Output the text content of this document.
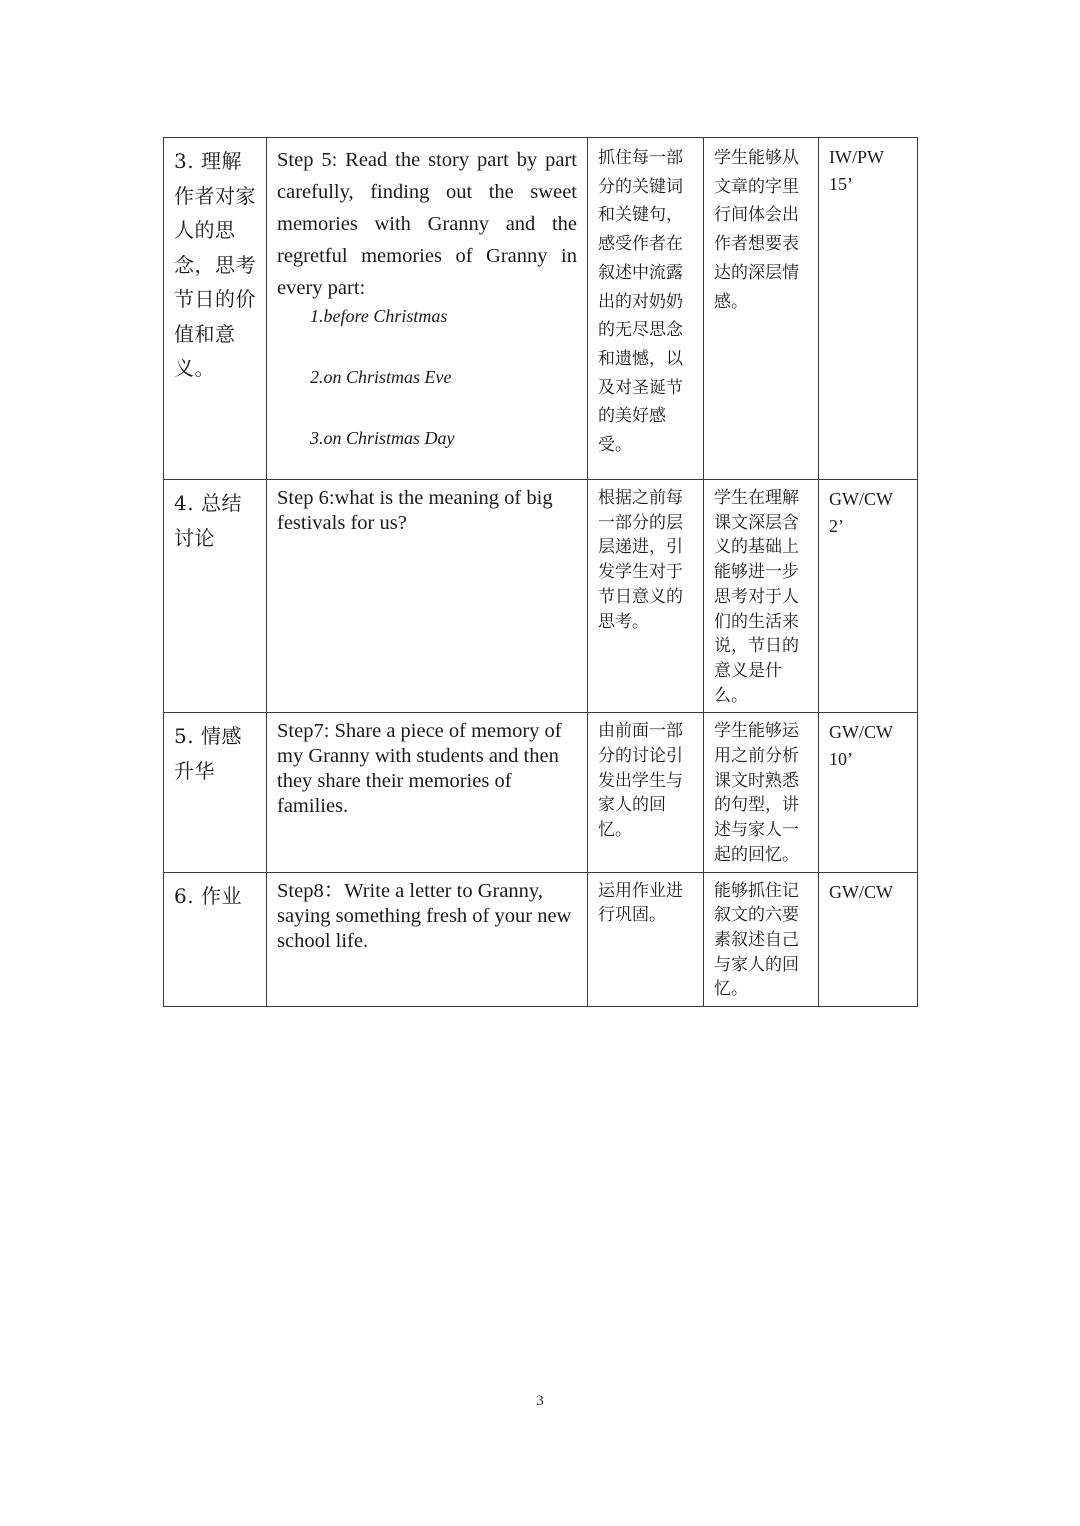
3. 理解作者对家人的思念，思考节日的价值和意义。	Step 5: Read the story part by part carefully, finding out the sweet memories with Granny and the regretful memories of Granny in every part:
1.before Christmas
2.on Christmas Eve
3.on Christmas Day	抓住每一部分的关键词和关键句，感受作者在叙述中流露出的对奶奶的无尽思念和遗憾，以及对圣诞节的美好感受。	学生能够从文章的字里行间体会出作者想要表达的深层情感。	IW/PW
15’

4. 总结讨论	Step 6:what is the meaning of big festivals for us?	根据之前每一部分的层层递进，引发学生对于节日意义的思考。	学生在理解课文深层含义的基础上能够进一步思考对于人们的生活来说，节日的意义是什么。	GW/CW
2’

5. 情感升华	Step7: Share a piece of memory of my Granny with students and then they share their memories of families.	由前面一部分的讨论引发出学生与家人的回忆。	学生能够运用之前分析课文时熟悉的句型，讲述与家人一起的回忆。	GW/CW
10’

6. 作业	Step8：Write a letter to Granny, saying something fresh of your new school life.	运用作业进行巩固。	能够抓住记叙文的六要素叙述自己与家人的回忆。	GW/CW
3
